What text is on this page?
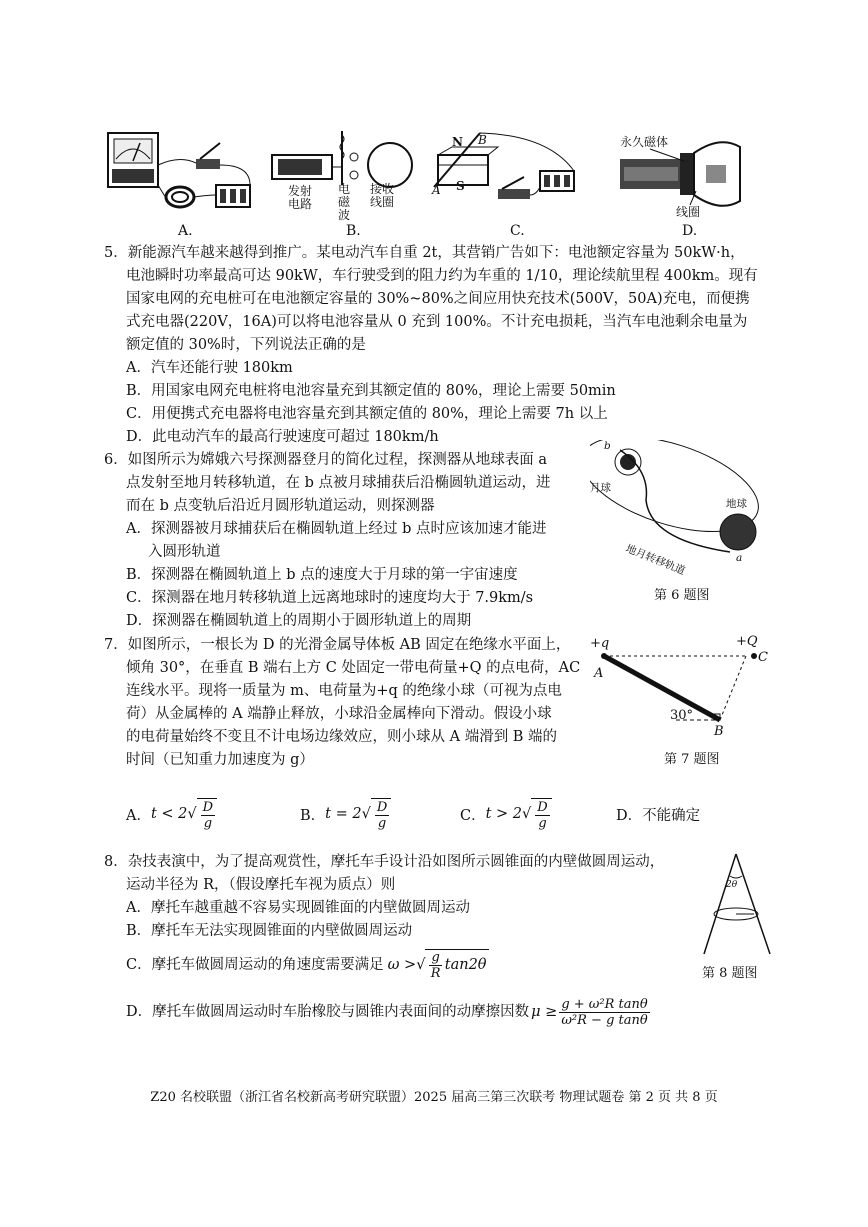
A.
发射
电路
电
磁
波
接收
线圈
B.
N
S
A
B
C.
永久磁体
线圈
D.
5．新能源汽车越来越得到推广。某电动汽车自重 2t，其营销广告如下：电池额定容量为 50kW·h，
电池瞬时功率最高可达 90kW，车行驶受到的阻力约为车重的 1/10，理论续航里程 400km。现有
国家电网的充电桩可在电池额定容量的 30%~80%之间应用快充技术(500V，50A)充电，而便携
式充电器(220V，16A)可以将电池容量从 0 充到 100%。不计充电损耗，当汽车电池剩余电量为
额定值的 30%时，下列说法正确的是
A．汽车还能行驶 180km
B．用国家电网充电桩将电池容量充到其额定值的 80%，理论上需要 50min
C．用便携式充电器将电池容量充到其额定值的 80%，理论上需要 7h 以上
D．此电动汽车的最高行驶速度可超过 180km/h
6．如图所示为嫦娥六号探测器登月的简化过程，探测器从地球表面 a
点发射至地月转移轨道，在 b 点被月球捕获后沿椭圆轨道运动，进
而在 b 点变轨后沿近月圆形轨道运动，则探测器
A．探测器被月球捕获后在椭圆轨道上经过 b 点时应该加速才能进
入圆形轨道
B．探测器在椭圆轨道上 b 点的速度大于月球的第一宇宙速度
C．探测器在地月转移轨道上远离地球时的速度均大于 7.9km/s
D．探测器在椭圆轨道上的周期小于圆形轨道上的周期
b
月球
地球
a
地月转移轨道
第 6 题图
7．如图所示，一根长为 D 的光滑金属导体板 AB 固定在绝缘水平面上，
倾角 30°，在垂直 B 端右上方 C 处固定一带电荷量+Q 的点电荷，AC
连线水平。现将一质量为 m、电荷量为+q 的绝缘小球（可视为点电
荷）从金属棒的 A 端静止释放，小球沿金属棒向下滑动。假设小球
的电荷量始终不变且不计电场边缘效应，则小球从 A 端滑到 B 端的
时间（已知重力加速度为 g）
+q	+Q
A
C
B
30°
第 7 题图
A． t < 2 √ $\frac{D}{g}$	B． t = 2 √ $\frac{D}{g}$	C． t > 2 √ $\frac{D}{g}$	D．不能确定
8．杂技表演中，为了提高观赏性，摩托车手设计沿如图所示圆锥面的内壁做圆周运动，
运动半径为 R，（假设摩托车视为质点）则
A．摩托车越重越不容易实现圆锥面的内壁做圆周运动
B．摩托车无法实现圆锥面的内壁做圆周运动
C．摩托车做圆周运动的角速度需要满足 ω > √ $\frac{g}{R} \tan 2\theta$
D．摩托车做圆周运动时车胎橡胶与圆锥内表面间的动摩擦因数 $\mu \ge \frac{\text{g + ω²R tanθ}}{\text{ω²R − g tanθ}}$
2θ
第 8 题图
Z20 名校联盟（浙江省名校新高考研究联盟）2025 届高三第三次联考 物理试题卷 第 2 页 共 8 页
